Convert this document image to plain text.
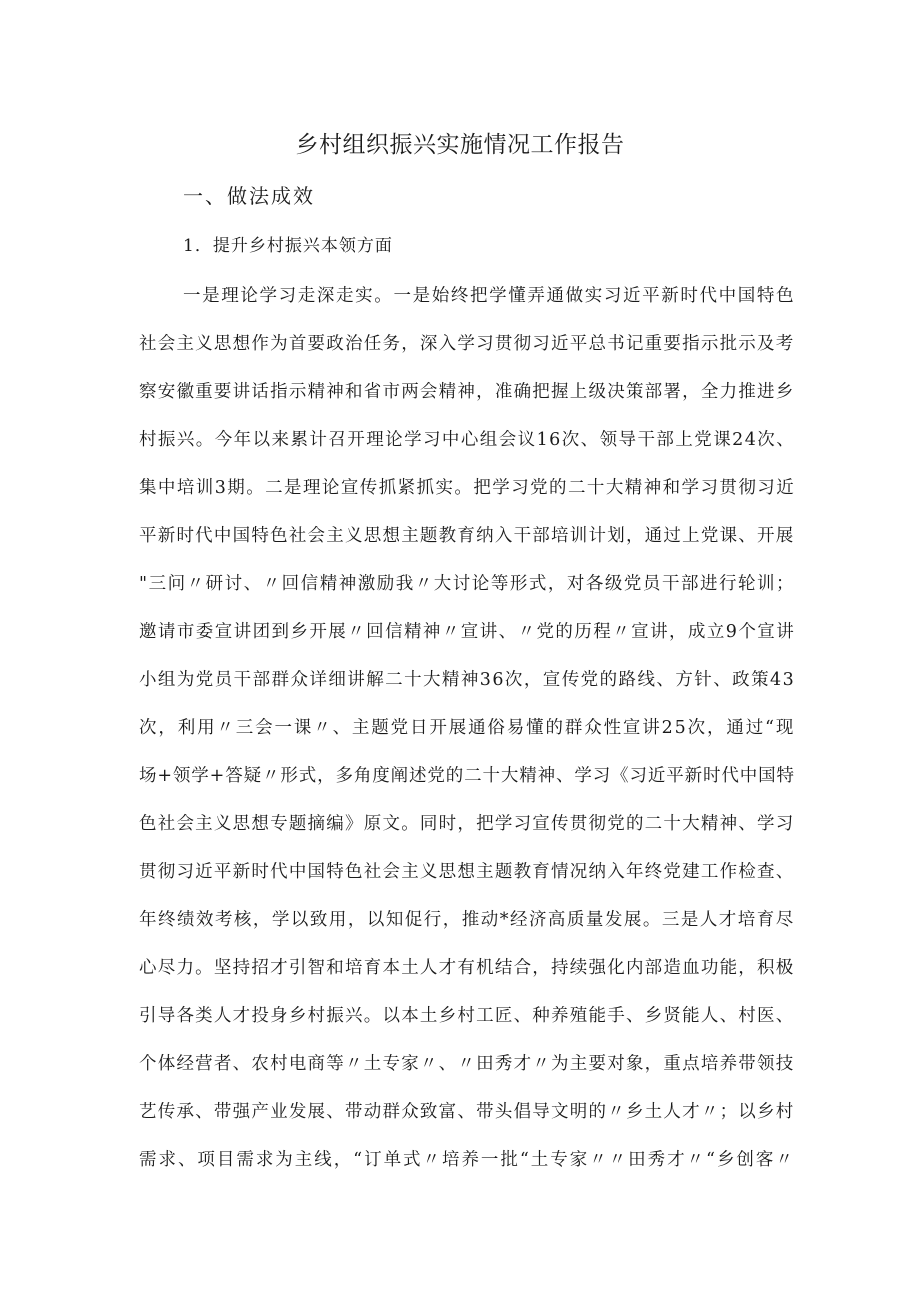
乡村组织振兴实施情况工作报告
一、做法成效
1．提升乡村振兴本领方面
一是理论学习走深走实。一是始终把学懂弄通做实习近平新时代中国特色
社会主义思想作为首要政治任务，深入学习贯彻习近平总书记重要指示批示及考
察安徽重要讲话指示精神和省市两会精神，准确把握上级决策部署，全力推进乡
村振兴。今年以来累计召开理论学习中心组会议16次、领导干部上党课24次、
集中培训3期。二是理论宣传抓紧抓实。把学习党的二十大精神和学习贯彻习近
平新时代中国特色社会主义思想主题教育纳入干部培训计划，通过上党课、开展
"三问〃研讨、〃回信精神激励我〃大讨论等形式，对各级党员干部进行轮训；
邀请市委宣讲团到乡开展〃回信精神〃宣讲、〃党的历程〃宣讲，成立9个宣讲
小组为党员干部群众详细讲解二十大精神36次，宣传党的路线、方针、政策43
次，利用〃三会一课〃、主题党日开展通俗易懂的群众性宣讲25次，通过“现
场+领学+答疑〃形式，多角度阐述党的二十大精神、学习《习近平新时代中国特
色社会主义思想专题摘编》原文。同时，把学习宣传贯彻党的二十大精神、学习
贯彻习近平新时代中国特色社会主义思想主题教育情况纳入年终党建工作检查、
年终绩效考核，学以致用，以知促行，推动*经济高质量发展。三是人才培育尽
心尽力。坚持招才引智和培育本土人才有机结合，持续强化内部造血功能，积极
引导各类人才投身乡村振兴。以本土乡村工匠、种养殖能手、乡贤能人、村医、
个体经营者、农村电商等〃土专家〃、〃田秀才〃为主要对象，重点培养带领技
艺传承、带强产业发展、带动群众致富、带头倡导文明的〃乡土人才〃；以乡村
需求、项目需求为主线，“订单式〃培养一批“土专家〃〃田秀才〃“乡创客〃
